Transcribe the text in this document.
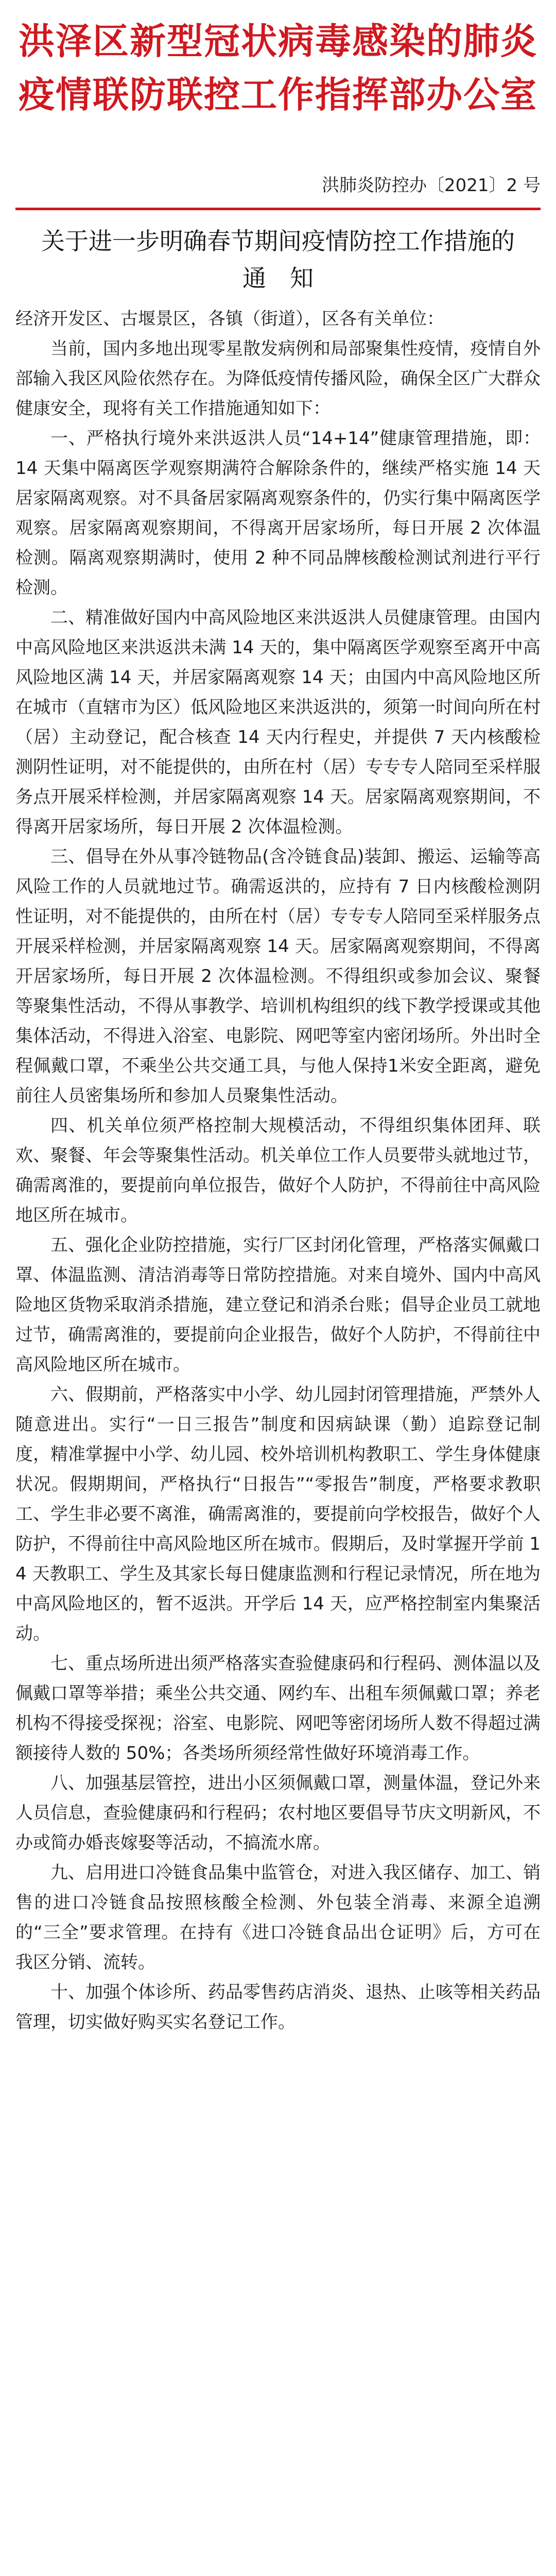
洪泽区新型冠状病毒感染的肺炎
疫情联防联控工作指挥部办公室
洪肺炎防控办〔2021〕2 号
关于进一步明确春节期间疫情防控工作措施的
通　知

经济开发区、古堰景区，各镇（街道），区各有关单位：

当前，国内多地出现零星散发病例和局部聚集性疫情，疫情自外部输入我区风险依然存在。为降低疫情传播风险，确保全区广大群众健康安全，现将有关工作措施通知如下：

一、严格执行境外来洪返洪人员“14+14”健康管理措施，即：14 天集中隔离医学观察期满符合解除条件的，继续严格实施 14 天居家隔离观察。对不具备居家隔离观察条件的，仍实行集中隔离医学观察。居家隔离观察期间，不得离开居家场所，每日开展 2 次体温检测。隔离观察期满时，使用 2 种不同品牌核酸检测试剂进行平行检测。

二、精准做好国内中高风险地区来洪返洪人员健康管理。由国内中高风险地区来洪返洪未满 14 天的，集中隔离医学观察至离开中高风险地区满 14 天，并居家隔离观察 14 天；由国内中高风险地区所在城市（直辖市为区）低风险地区来洪返洪的，须第一时间向所在村（居）主动登记，配合核查 14 天内行程史，并提供 7 天内核酸检测阴性证明，对不能提供的，由所在村（居）专专专人陪同至采样服务点开展采样检测，并居家隔离观察 14 天。居家隔离观察期间，不得离开居家场所，每日开展 2 次体温检测。

三、倡导在外从事冷链物品(含冷链食品)装卸、搬运、运输等高风险工作的人员就地过节。确需返洪的，应持有 7 日内核酸检测阴性证明，对不能提供的，由所在村（居）专专专人陪同至采样服务点开展采样检测，并居家隔离观察 14 天。居家隔离观察期间，不得离开居家场所，每日开展 2 次体温检测。不得组织或参加会议、聚餐等聚集性活动，不得从事教学、培训机构组织的线下教学授课或其他集体活动，不得进入浴室、电影院、网吧等室内密闭场所。外出时全程佩戴口罩，不乘坐公共交通工具，与他人保持1米安全距离，避免前往人员密集场所和参加人员聚集性活动。

四、机关单位须严格控制大规模活动，不得组织集体团拜、联欢、聚餐、年会等聚集性活动。机关单位工作人员要带头就地过节，确需离淮的，要提前向单位报告，做好个人防护，不得前往中高风险地区所在城市。

五、强化企业防控措施，实行厂区封闭化管理，严格落实佩戴口罩、体温监测、清洁消毒等日常防控措施。对来自境外、国内中高风险地区货物采取消杀措施，建立登记和消杀台账；倡导企业员工就地过节，确需离淮的，要提前向企业报告，做好个人防护，不得前往中高风险地区所在城市。

六、假期前，严格落实中小学、幼儿园封闭管理措施，严禁外人随意进出。实行“一日三报告”制度和因病缺课（勤）追踪登记制度，精准掌握中小学、幼儿园、校外培训机构教职工、学生身体健康状况。假期期间，严格执行“日报告”“零报告”制度，严格要求教职工、学生非必要不离淮，确需离淮的，要提前向学校报告，做好个人防护，不得前往中高风险地区所在城市。假期后，及时掌握开学前 14 天教职工、学生及其家长每日健康监测和行程记录情况，所在地为中高风险地区的，暂不返洪。开学后 14 天，应严格控制室内集聚活动。

七、重点场所进出须严格落实查验健康码和行程码、测体温以及佩戴口罩等举措；乘坐公共交通、网约车、出租车须佩戴口罩；养老机构不得接受探视；浴室、电影院、网吧等密闭场所人数不得超过满额接待人数的 50%；各类场所须经常性做好环境消毒工作。

八、加强基层管控，进出小区须佩戴口罩，测量体温，登记外来人员信息，查验健康码和行程码；农村地区要倡导节庆文明新风，不办或简办婚丧嫁娶等活动，不搞流水席。

九、启用进口冷链食品集中监管仓，对进入我区储存、加工、销售的进口冷链食品按照核酸全检测、外包装全消毒、来源全追溯的“三全”要求管理。在持有《进口冷链食品出仓证明》后，方可在我区分销、流转。

十、加强个体诊所、药品零售药店消炎、退热、止咳等相关药品管理，切实做好购买实名登记工作。
